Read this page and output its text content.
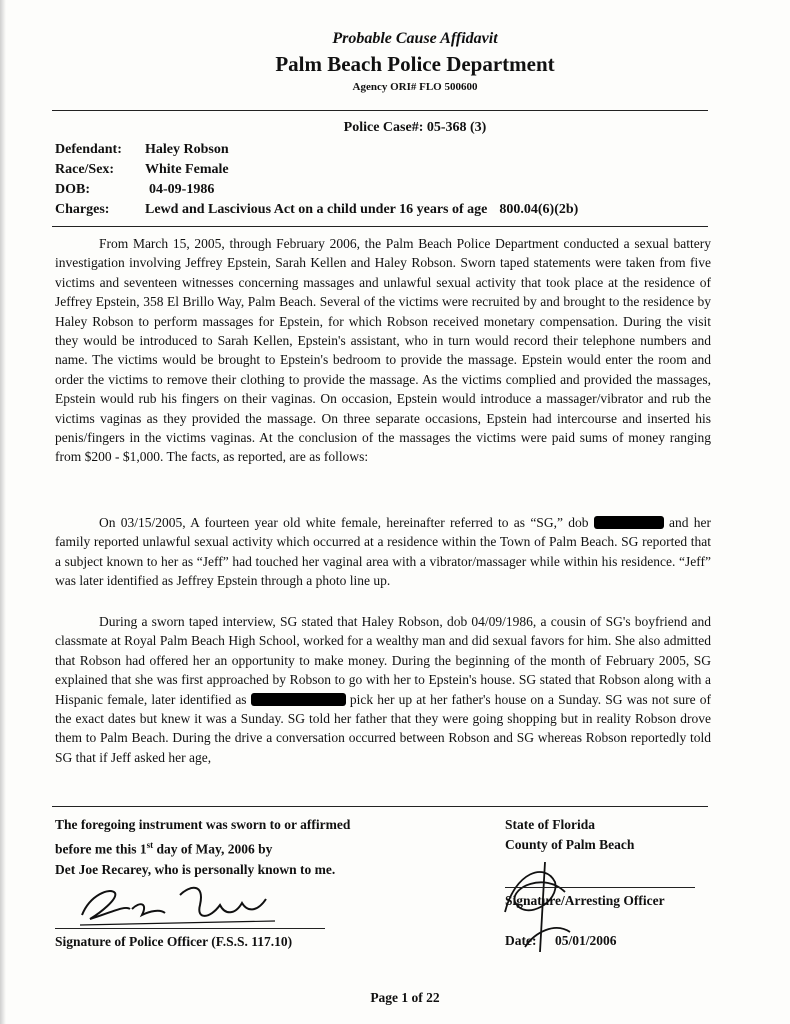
Probable Cause Affidavit
Palm Beach Police Department
Agency ORI# FLO 500600
Police Case#: 05-368 (3)
Defendant:	Haley Robson
Race/Sex:	White Female
DOB:	04-09-1986
Charges:	Lewd and Lascivious Act on a child under 16 years of age 800.04(6)(2b)

From March 15, 2005, through February 2006, the Palm Beach Police Department conducted a sexual battery investigation involving Jeffrey Epstein, Sarah Kellen and Haley Robson. Sworn taped statements were taken from five victims and seventeen witnesses concerning massages and unlawful sexual activity that took place at the residence of Jeffrey Epstein, 358 El Brillo Way, Palm Beach. Several of the victims were recruited by and brought to the residence by Haley Robson to perform massages for Epstein, for which Robson received monetary compensation. During the visit they would be introduced to Sarah Kellen, Epstein's assistant, who in turn would record their telephone numbers and name. The victims would be brought to Epstein's bedroom to provide the massage. Epstein would enter the room and order the victims to remove their clothing to provide the massage. As the victims complied and provided the massages, Epstein would rub his fingers on their vaginas. On occasion, Epstein would introduce a massager/vibrator and rub the victims vaginas as they provided the massage. On three separate occasions, Epstein had intercourse and inserted his penis/fingers in the victims vaginas. At the conclusion of the massages the victims were paid sums of money ranging from $200 - $1,000. The facts, as reported, are as follows:

On 03/15/2005, A fourteen year old white female, hereinafter referred to as “SG,” dob	and her family reported unlawful sexual activity which occurred at a residence within the Town of Palm Beach. SG reported that a subject known to her as “Jeff” had touched her vaginal area with a vibrator/massager while within his residence. “Jeff” was later identified as Jeffrey Epstein through a photo line up.

During a sworn taped interview, SG stated that Haley Robson, dob 04/09/1986, a cousin of SG's boyfriend and classmate at Royal Palm Beach High School, worked for a wealthy man and did sexual favors for him. She also admitted that Robson had offered her an opportunity to make money. During the beginning of the month of February 2005, SG explained that she was first approached by Robson to go with her to Epstein's house. SG stated that Robson along with a Hispanic female, later identified as	pick her up at her father's house on a Sunday. SG was not sure of the exact dates but knew it was a Sunday. SG told her father that they were going shopping but in reality Robson drove them to Palm Beach. During the drive a conversation occurred between Robson and SG whereas Robson reportedly told SG that if Jeff asked her age,

The foregoing instrument was sworn to or affirmed
before me this 1st day of May, 2006 by
Det Joe Recarey, who is personally known to me.
State of Florida
County of Palm Beach
Signature of Police Officer (F.S.S. 117.10)
Signature/Arresting Officer
Date: 05/01/2006
Page 1 of 22
